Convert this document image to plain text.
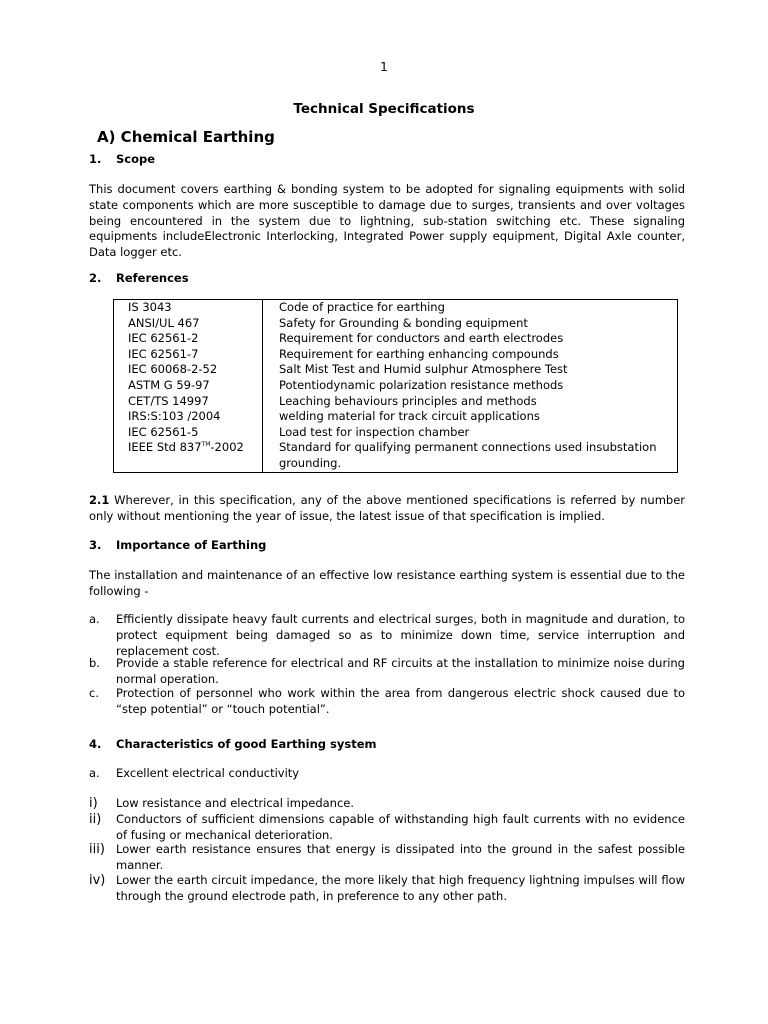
1
Technical Specifications
A) Chemical Earthing
1. Scope
This document covers earthing & bonding system to be adopted for signaling equipments with solid state components which are more susceptible to damage due to surges, transients and over voltages being encountered in the system due to lightning, sub-station switching etc. These signaling equipments includeElectronic Interlocking, Integrated Power supply equipment, Digital Axle counter, Data logger etc.
2. References
IS 3043	Code of practice for earthing
ANSI/UL 467	Safety for Grounding & bonding equipment
IEC 62561-2	Requirement for conductors and earth electrodes
IEC 62561-7	Requirement for earthing enhancing compounds
IEC 60068-2-52	Salt Mist Test and Humid sulphur Atmosphere Test
ASTM G 59-97	Potentiodynamic polarization resistance methods
CET/TS 14997	Leaching behaviours principles and methods
IRS:S:103 /2004	welding material for track circuit applications
IEC 62561-5	Load test for inspection chamber
IEEE Std 837™-2002	Standard for qualifying permanent connections used insubstation grounding.
2.1 Wherever, in this specification, any of the above mentioned specifications is referred by number only without mentioning the year of issue, the latest issue of that specification is implied.
3. Importance of Earthing
The installation and maintenance of an effective low resistance earthing system is essential due to the following -
a. Efficiently dissipate heavy fault currents and electrical surges, both in magnitude and duration, to protect equipment being damaged so as to minimize down time, service interruption and replacement cost.
b. Provide a stable reference for electrical and RF circuits at the installation to minimize noise during normal operation.
c. Protection of personnel who work within the area from dangerous electric shock caused due to “step potential” or “touch potential”.
4. Characteristics of good Earthing system
a. Excellent electrical conductivity
i) Low resistance and electrical impedance.
ii) Conductors of sufficient dimensions capable of withstanding high fault currents with no evidence of fusing or mechanical deterioration.
iii) Lower earth resistance ensures that energy is dissipated into the ground in the safest possible manner.
iv) Lower the earth circuit impedance, the more likely that high frequency lightning impulses will flow through the ground electrode path, in preference to any other path.
